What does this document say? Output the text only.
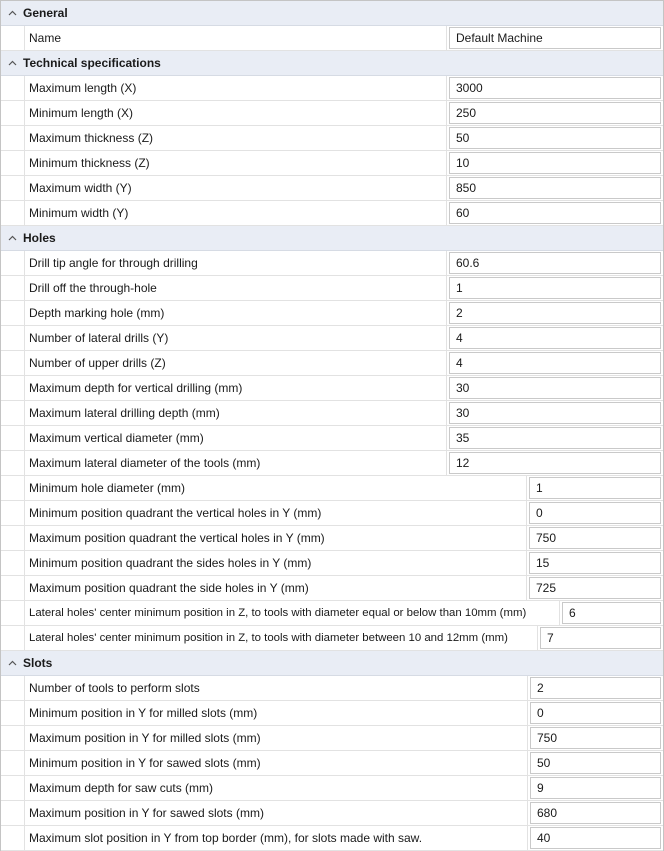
General
Name	Default Machine
Technical specifications
Maximum length (X)	3000
Minimum length (X)	250
Maximum thickness (Z)	50
Minimum thickness (Z)	10
Maximum width (Y)	850
Minimum width (Y)	60
Holes
Drill tip angle for through drilling	60.6
Drill off the through-hole	1
Depth marking hole (mm)	2
Number of lateral drills (Y)	4
Number of upper drills (Z)	4
Maximum depth for vertical drilling (mm)	30
Maximum lateral drilling depth (mm)	30
Maximum vertical diameter (mm)	35
Maximum lateral diameter of the tools (mm)	12
Minimum hole diameter (mm)	1
Minimum position quadrant the vertical holes in Y (mm)	0
Maximum position quadrant the vertical holes in Y (mm)	750
Minimum position quadrant the sides holes in Y (mm)	15
Maximum position quadrant the side holes in Y (mm)	725
Lateral holes' center minimum position in Z, to tools with diameter equal or below than 10mm (mm)	6
Lateral holes' center minimum position in Z, to tools with diameter between 10 and 12mm (mm)	7
Slots
Number of tools to perform slots	2
Minimum position in Y for milled slots (mm)	0
Maximum position in Y for milled slots (mm)	750
Minimum position in Y for sawed slots (mm)	50
Maximum depth for saw cuts (mm)	9
Maximum position in Y for sawed slots (mm)	680
Maximum slot position in Y from top border (mm), for slots made with saw.	40
